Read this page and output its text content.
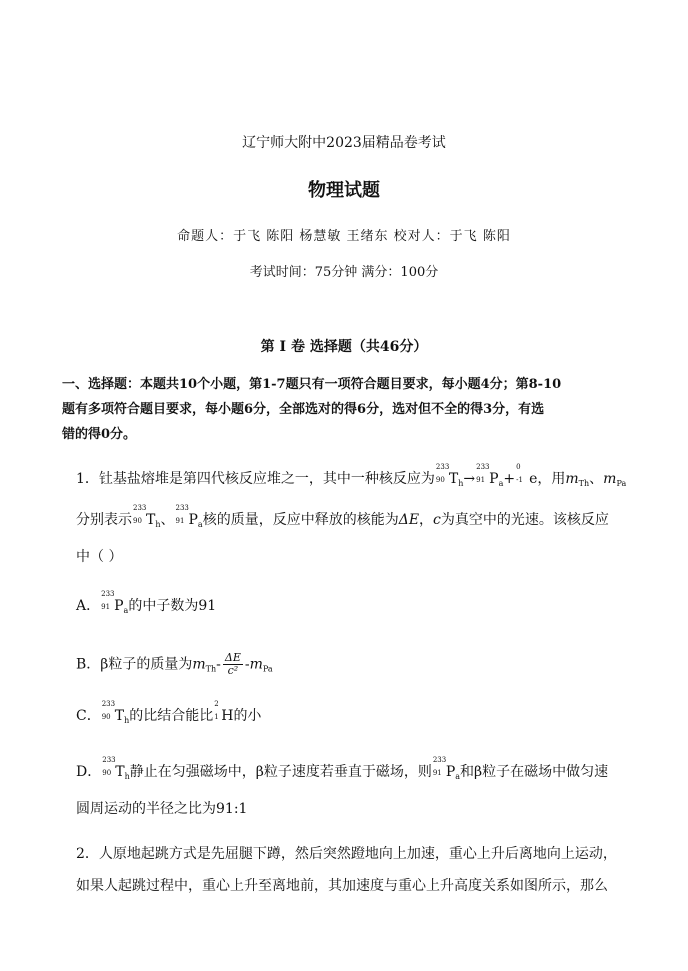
辽宁师大附中2023届精品卷考试
物理试题
命题人：于飞 陈阳 杨慧敏 王绪东 校对人：于飞 陈阳
考试时间：75分钟 满分：100分
第 Ⅰ 卷 选择题（共46分）
一、选择题：本题共10个小题，第1-7题只有一项符合题目要求，每小题4分；第8-10
题有多项符合题目要求，每小题6分，全部选对的得6分，选对但不全的得3分，有选
错的得0分。
1．钍基盐熔堆是第四代核反应堆之一，其中一种核反应为
233
90 $T_h\to$
233
91 $P_a+$
0
-1 e，用$m_{Th}$、$m_{Pa}$
分别表示
233
90 $T_h$、
233
91 $P_a$核的质量，反应中释放的核能为ΔE，c为真空中的光速。该核反应
中（ ）
A．
233
91 $P_a$的中子数为91
B．β粒子的质量为$m_{Th}- \frac{\Delta E}{\text{c²}} -m_{Pa}$
C．
233
90 $T_h$的比结合能比
2
1 H的小
D．
233
90 $T_h$静止在匀强磁场中，β粒子速度若垂直于磁场，则
233
91 $P_a$和β粒子在磁场中做匀速
圆周运动的半径之比为91:1
2．人原地起跳方式是先屈腿下蹲，然后突然蹬地向上加速，重心上升后离地向上运动，
如果人起跳过程中，重心上升至离地前，其加速度与重心上升高度关系如图所示，那么
